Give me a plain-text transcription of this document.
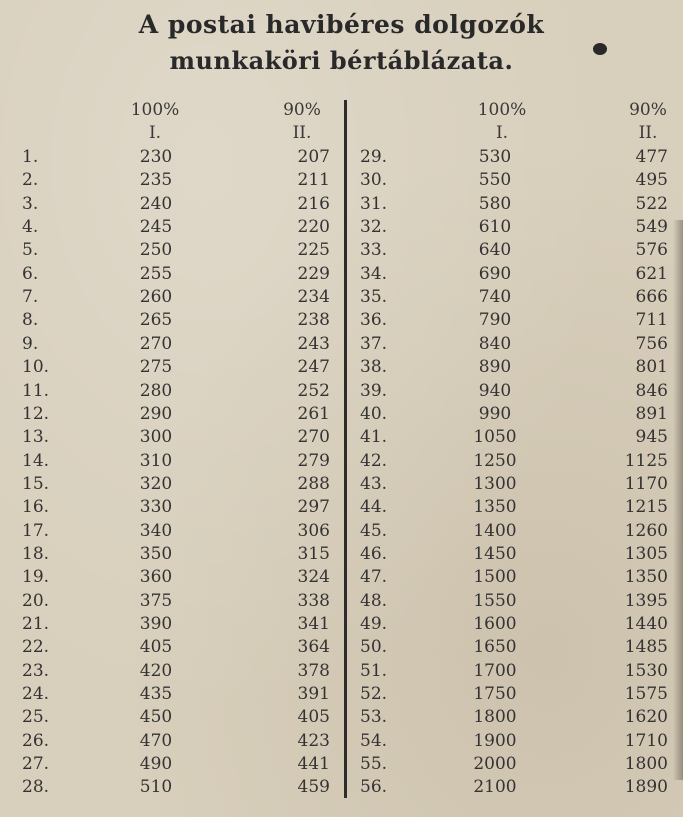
A postai havibéres dolgozók
munkaköri bértáblázata.
100%	90%
I.	II.
100%	90%
I.	II.
1.	230	207 29.	530	477
2.	235	211 30.	550	495
3.	240	216 31.	580	522
4.	245	220 32.	610	549
5.	250	225 33.	640	576
6.	255	229 34.	690	621
7.	260	234 35.	740	666
8.	265	238 36.	790	711
9.	270	243 37.	840	756
10.	275	247 38.	890	801
11.	280	252 39.	940	846
12.	290	261 40.	990	891
13.	300	270 41.	1050	945
14.	310	279 42.	1250	1125
15.	320	288 43.	1300	1170
16.	330	297 44.	1350	1215
17.	340	306 45.	1400	1260
18.	350	315 46.	1450	1305
19.	360	324 47.	1500	1350
20.	375	338 48.	1550	1395
21.	390	341 49.	1600	1440
22.	405	364 50.	1650	1485
23.	420	378 51.	1700	1530
24.	435	391 52.	1750	1575
25.	450	405 53.	1800	1620
26.	470	423 54.	1900	1710
27.	490	441 55.	2000	1800
28.	510	459 56.	2100	1890
